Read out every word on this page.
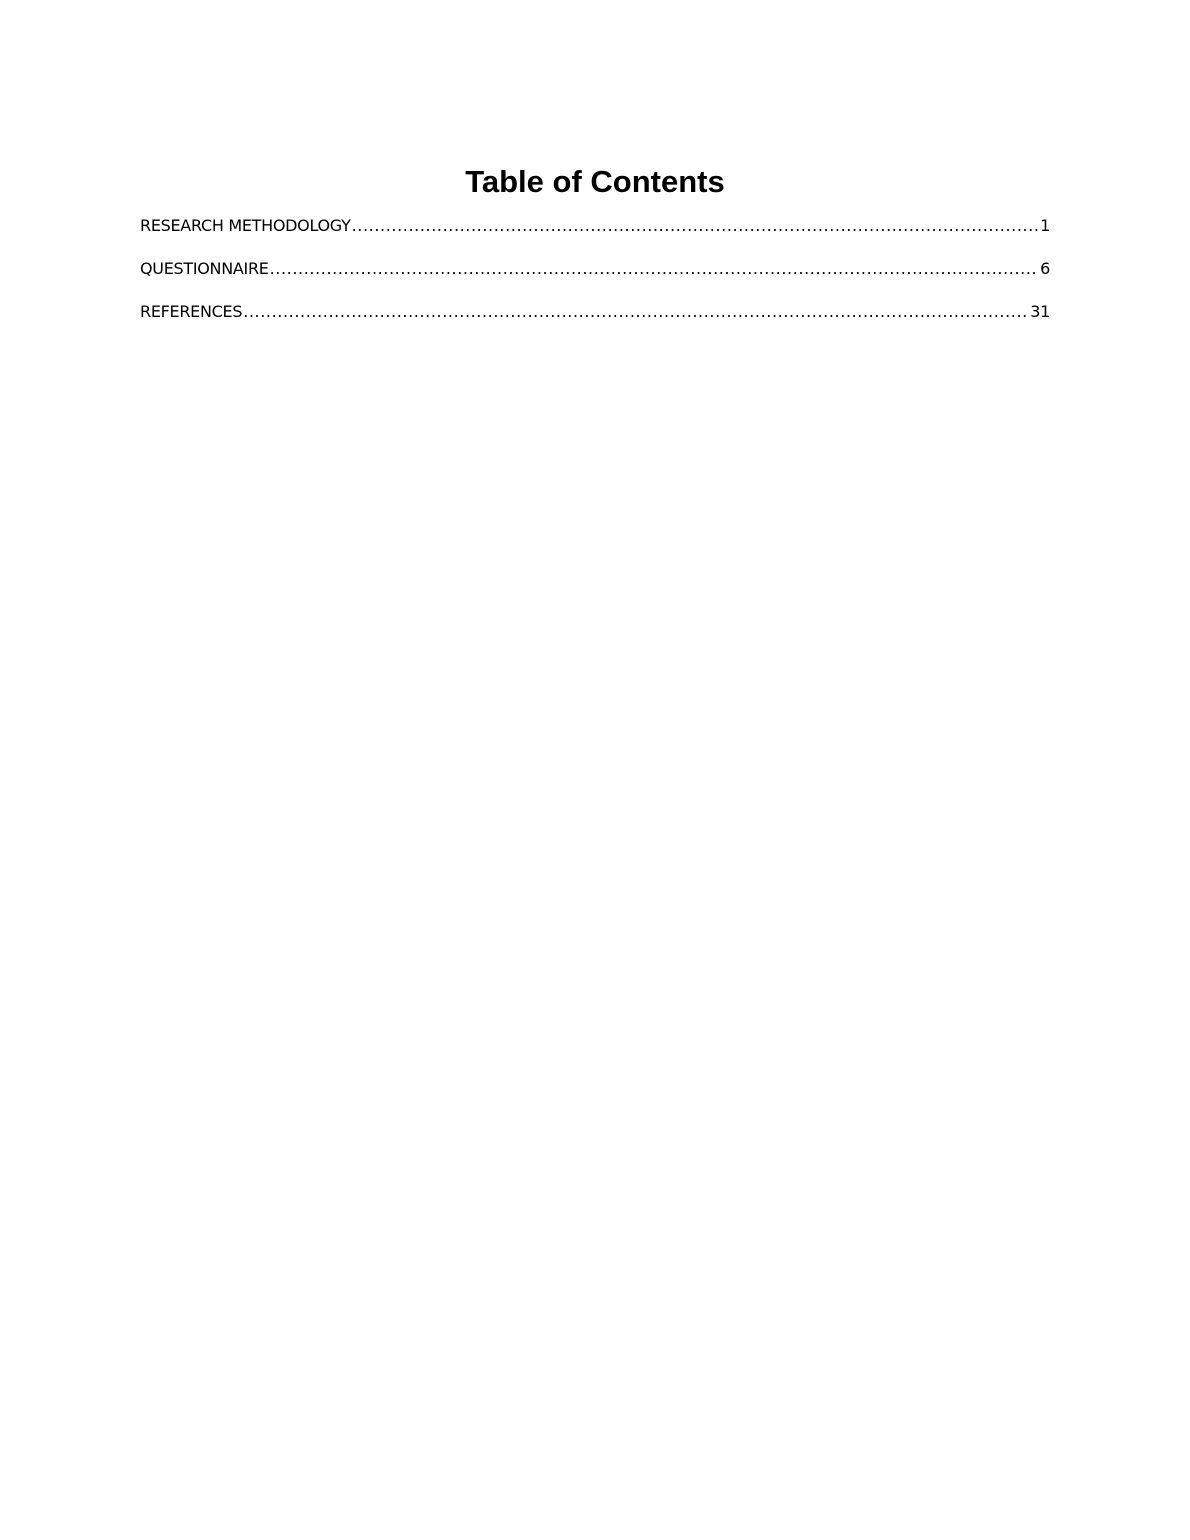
Table of Contents
RESEARCH METHODOLOGY .....	1
QUESTIONNAIRE .....	6
REFERENCES .....	31
